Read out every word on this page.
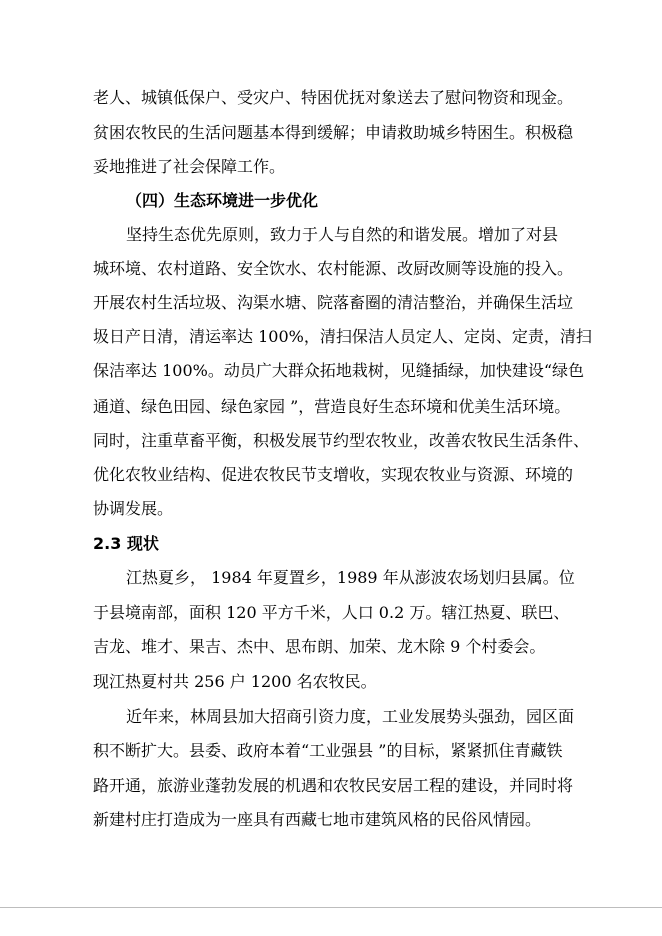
老人、城镇低保户、受灾户、特困优抚对象送去了慰问物资和现金。

贫困农牧民的生活问题基本得到缓解；申请救助城乡特困生。积极稳

妥地推进了社会保障工作。

（四）生态环境进一步优化

坚持生态优先原则，致力于人与自然的和谐发展。增加了对县

城环境、农村道路、安全饮水、农村能源、改厨改厕等设施的投入。

开展农村生活垃圾、沟渠水塘、院落畜圈的清洁整治，并确保生活垃

圾日产日清，清运率达 100%，清扫保洁人员定人、定岗、定责，清扫

保洁率达 100%。动员广大群众拓地栽树，见缝插绿，加快建设“绿色

通道、绿色田园、绿色家园 ”，营造良好生态环境和优美生活环境。

同时，注重草畜平衡，积极发展节约型农牧业，改善农牧民生活条件、

优化农牧业结构、促进农牧民节支增收，实现农牧业与资源、环境的

协调发展。

2.3 现状

江热夏乡， 1984 年夏置乡，1989 年从澎波农场划归县属。位

于县境南部，面积 120 平方千米，人口 0.2 万。辖江热夏、联巴、

吉龙、堆才、果吉、杰中、思布朗、加荣、龙木除 9 个村委会。

现江热夏村共 256 户 1200 名农牧民。

近年来，林周县加大招商引资力度，工业发展势头强劲，园区面

积不断扩大。县委、政府本着“工业强县 ”的目标，紧紧抓住青藏铁

路开通，旅游业蓬勃发展的机遇和农牧民安居工程的建设，并同时将

新建村庄打造成为一座具有西藏七地市建筑风格的民俗风情园。
